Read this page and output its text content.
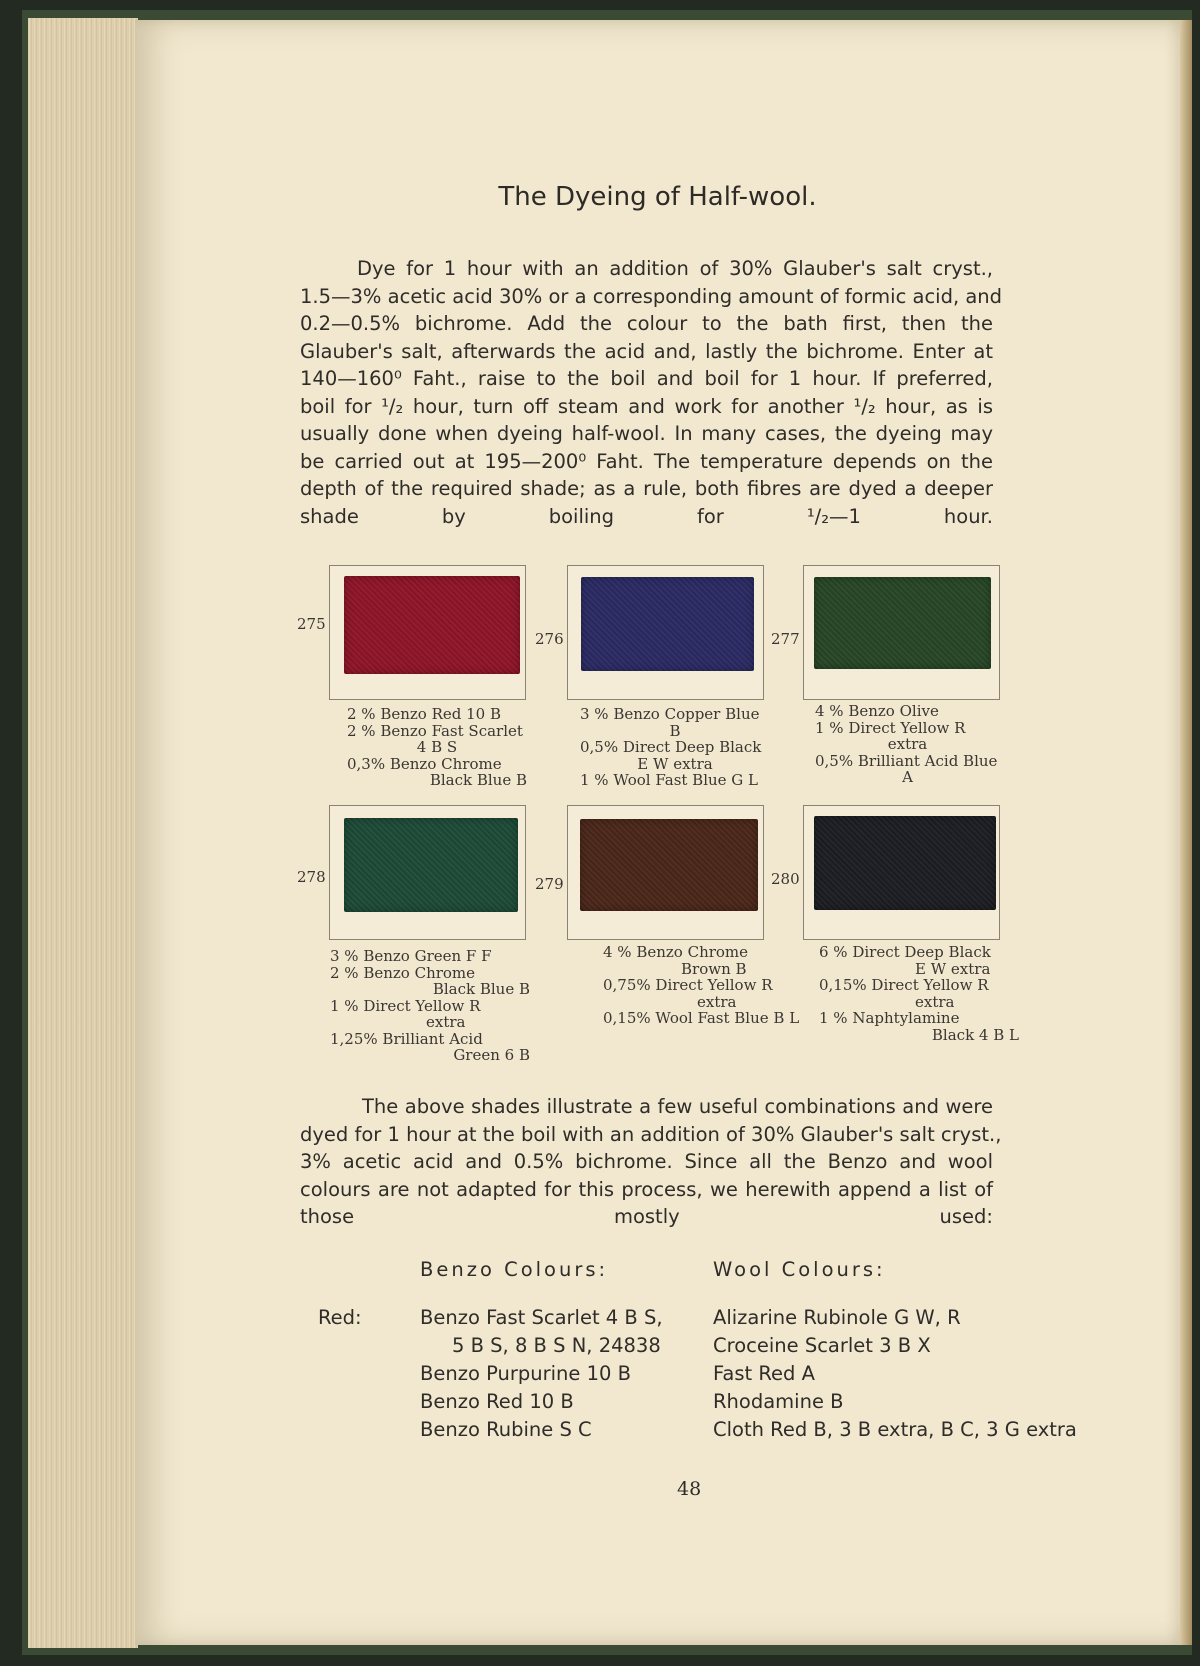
The Dyeing of Half-wool.
Dye for 1 hour with an addition of 30% Glauber's salt cryst.,
1.5—3% acetic acid 30% or a corresponding amount of formic acid, and
0.2—0.5% bichrome. Add the colour to the bath first, then the
Glauber's salt, afterwards the acid and, lastly the bichrome. Enter at
140—160⁰ Faht., raise to the boil and boil for 1 hour. If preferred,
boil for ¹/₂ hour, turn off steam and work for another ¹/₂ hour, as is
usually done when dyeing half-wool. In many cases, the dyeing may
be carried out at 195—200⁰ Faht. The temperature depends on the
depth of the required shade; as a rule, both fibres are dyed a deeper
shade by boiling for ¹/₂—1 hour.
275
2 % Benzo Red 10 B
2 % Benzo Fast Scarlet
4 B S
0,3% Benzo Chrome
Black Blue B
276
3 % Benzo Copper Blue
B
0,5% Direct Deep Black
E W extra
1 % Wool Fast Blue G L
277
4 % Benzo Olive
1 % Direct Yellow R
extra
0,5% Brilliant Acid Blue
A
278
3 % Benzo Green F F
2 % Benzo Chrome
Black Blue B
1 % Direct Yellow R
extra
1,25% Brilliant Acid
Green 6 B
279
4 % Benzo Chrome
Brown B
0,75% Direct Yellow R
extra
0,15% Wool Fast Blue B L
280
6 % Direct Deep Black
E W extra
0,15% Direct Yellow R
extra
1 % Naphtylamine
Black 4 B L
The above shades illustrate a few useful combinations and were
dyed for 1 hour at the boil with an addition of 30% Glauber's salt cryst.,
3% acetic acid and 0.5% bichrome. Since all the Benzo and wool
colours are not adapted for this process, we herewith append a list of
those mostly used:
Benzo Colours:	Wool Colours:
Red:	Benzo Fast Scarlet 4 B S,
5 B S, 8 B S N, 24838
Benzo Purpurine 10 B
Benzo Red 10 B
Benzo Rubine S C
Alizarine Rubinole G W, R
Croceine Scarlet 3 B X
Fast Red A
Rhodamine B
Cloth Red B, 3 B extra, B C, 3 G extra
48
